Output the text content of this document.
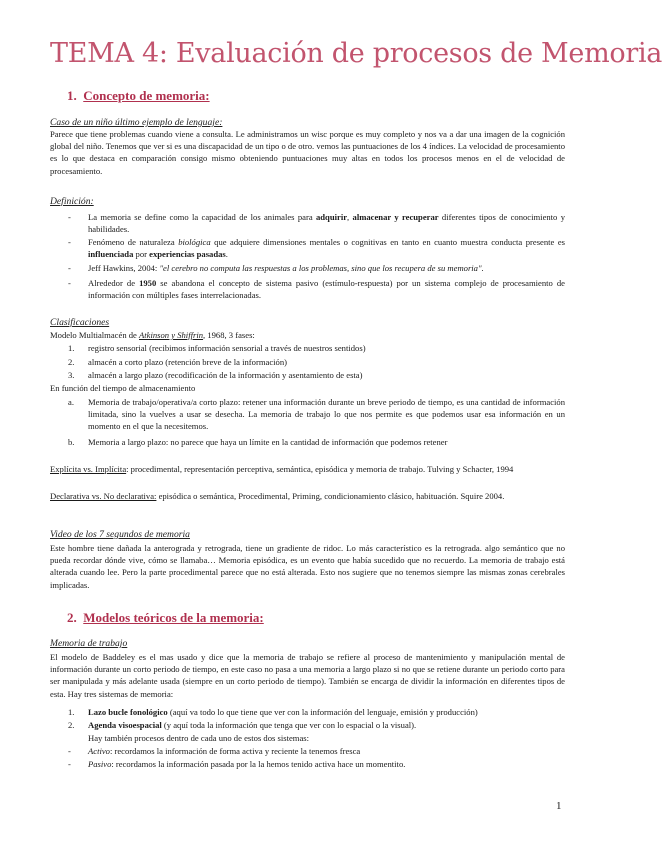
TEMA 4: Evaluación de procesos de Memoria
1. Concepto de memoria:
Caso de un niño último ejemplo de lenguaje:
Parece que tiene problemas cuando viene a consulta. Le administramos un wisc porque es muy completo y nos va a dar una imagen de la cognición global del niño. Tenemos que ver si es una discapacidad de un tipo o de otro. vemos las puntuaciones de los 4 índices. La velocidad de procesamiento es lo que destaca en comparación consigo mismo obteniendo puntuaciones muy altas en todos los procesos menos en el de velocidad de procesamiento.
Definición:
- La memoria se define como la capacidad de los animales para adquirir, almacenar y recuperar diferentes tipos de conocimiento y habilidades.
- Fenómeno de naturaleza biológica que adquiere dimensiones mentales o cognitivas en tanto en cuanto muestra conducta presente es influenciada por experiencias pasadas.
- Jeff Hawkins, 2004: "el cerebro no computa las respuestas a los problemas, sino que los recupera de su memoria".
- Alrededor de 1950 se abandona el concepto de sistema pasivo (estímulo-respuesta) por un sistema complejo de procesamiento de información con múltiples fases interrelacionadas.
Clasificaciones
Modelo Multialmacén de Atkinson y Shiffrin, 1968, 3 fases:
1. registro sensorial (recibimos información sensorial a través de nuestros sentidos)
2. almacén a corto plazo (retención breve de la información)
3. almacén a largo plazo (recodificación de la información y asentamiento de esta)
En función del tiempo de almacenamiento
a. Memoria de trabajo/operativa/a corto plazo: retener una información durante un breve periodo de tiempo, es una cantidad de información limitada, sino la vuelves a usar se desecha. La memoria de trabajo lo que nos permite es que podemos usar esa información en un momento en el que la necesitemos.
b. Memoria a largo plazo: no parece que haya un límite en la cantidad de información que podemos retener
Explícita vs. Implícita: procedimental, representación perceptiva, semántica, episódica y memoria de trabajo. Tulving y Schacter, 1994
Declarativa vs. No declarativa: episódica o semántica, Procedimental, Priming, condicionamiento clásico, habituación. Squire 2004.
Video de los 7 segundos de memoria
Este hombre tiene dañada la anterograda y retrograda, tiene un gradiente de ridoc. Lo más característico es la retrograda. algo semántico que no pueda recordar dónde vive, cómo se llamaba… Memoria episódica, es un evento que había sucedido que no recuerdo. La memoria de trabajo está alterada cuando lee. Pero la parte procedimental parece que no está alterada. Esto nos sugiere que no tenemos siempre las mismas zonas cerebrales implicadas.
2. Modelos teóricos de la memoria:
Memoria de trabajo
El modelo de Baddeley es el mas usado y dice que la memoria de trabajo se refiere al proceso de mantenimiento y manipulación mental de información durante un corto periodo de tiempo, en este caso no pasa a una memoria a largo plazo si no que se retiene durante un periodo corto para ser manipulada y más adelante usada (siempre en un corto periodo de tiempo). También se encarga de dividir la información en diferentes tipos de esta. Hay tres sistemas de memoria:
1. Lazo bucle fonológico (aquí va todo lo que tiene que ver con la información del lenguaje, emisión y producción)
2. Agenda visoespacial (y aquí toda la información que tenga que ver con lo espacial o la visual).
Hay también procesos dentro de cada uno de estos dos sistemas:
- Activo: recordamos la información de forma activa y reciente la tenemos fresca
- Pasivo: recordamos la información pasada por la la hemos tenido activa hace un momentito.
1
